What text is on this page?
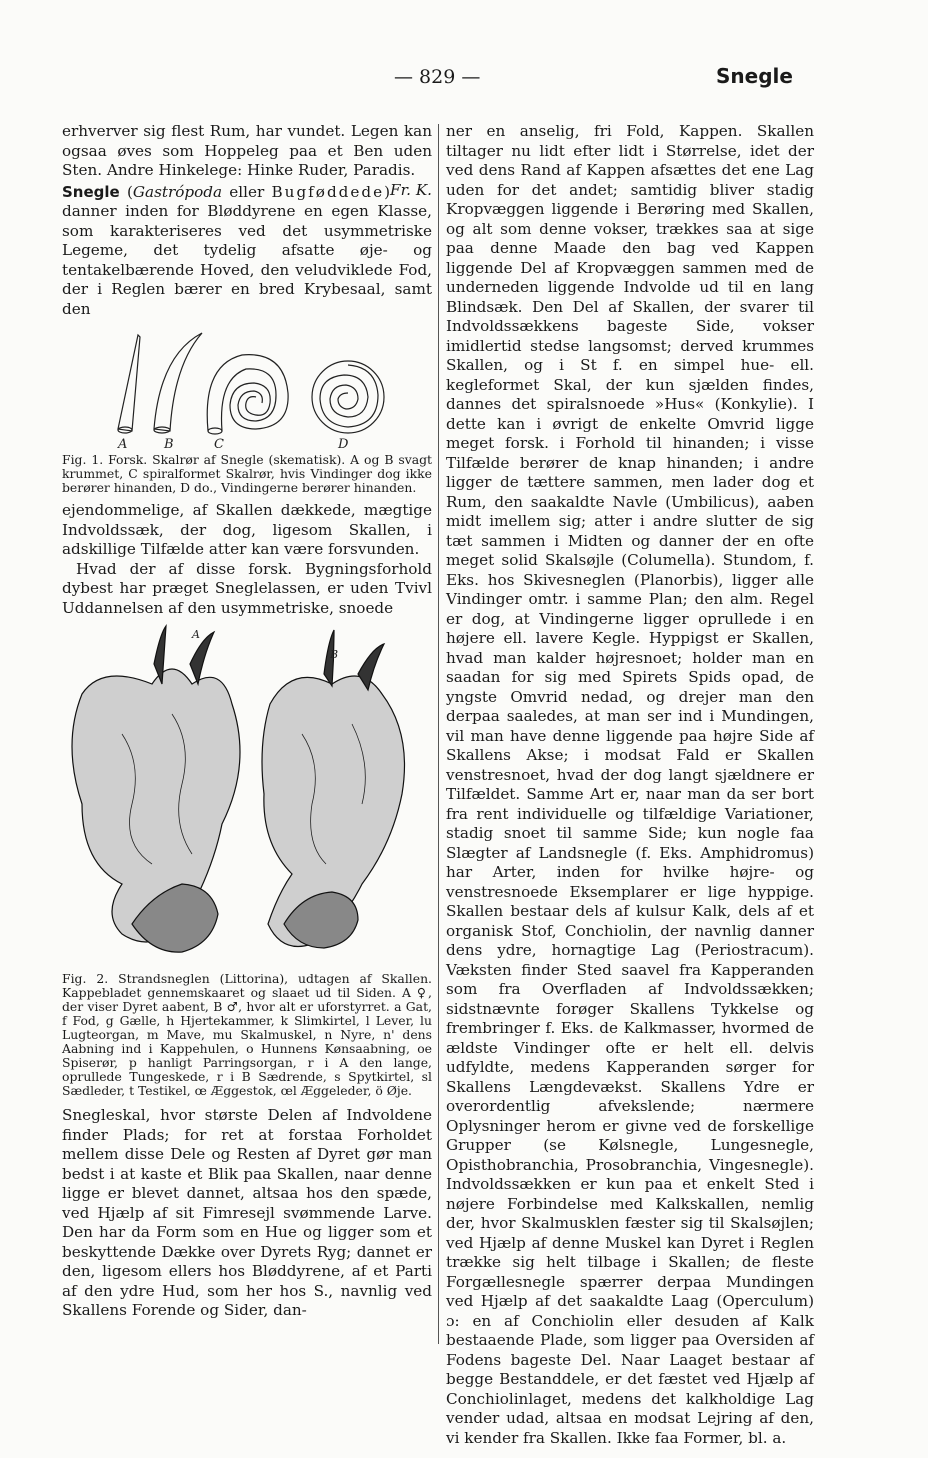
— 829 —	Snegle

erhverver sig flest Rum, har vundet. Legen kan ogsaa øves som Hoppeleg paa et Ben uden Sten. Andre Hinkelege: Hinke Ruder, Paradis.
Fr. K.

Snegle (Gastrópoda eller Bugføddede) danner inden for Bløddyrene en egen Klasse, som karakteriseres ved det usymmetriske Legeme, det tydelig afsatte øje- og tentakelbærende Hoved, den veludviklede Fod, der i Reglen bærer en bred Krybesaal, samt den

A	B	C	D
Fig. 1. Forsk. Skalrør af Snegle (skematisk). A og B svagt krummet, C spiralformet Skalrør, hvis Vindinger dog ikke berører hinanden, D do., Vindingerne berører hinanden.

ejendommelige, af Skallen dækkede, mægtige Indvoldssæk, der dog, ligesom Skallen, i adskillige Tilfælde atter kan være forsvunden.

Hvad der af disse forsk. Bygningsforhold dybest har præget Sneglelassen, er uden Tvivl Uddannelsen af den usymmetriske, snoede

A
B
Fig. 2. Strandsneglen (Littorina), udtagen af Skallen. Kappebladet gennemskaaret og slaaet ud til Siden. A ♀, der viser Dyret aabent, B ♂, hvor alt er uforstyrret. a Gat, f Fod, g Gælle, h Hjertekammer, k Slimkirtel, l Lever, lu Lugteorgan, m Mave, mu Skalmuskel, n Nyre, n' dens Aabning ind i Kappehulen, o Hunnens Kønsaabning, oe Spiserør, p hanligt Parringsorgan, r i A den lange, oprullede Tungeskede, r i B Sædrende, s Spytkirtel, sl Sædleder, t Testikel, œ Æggestok, œl Æggeleder, ö Øje.

Snegleskal, hvor største Delen af Indvoldene finder Plads; for ret at forstaa Forholdet mellem disse Dele og Resten af Dyret gør man bedst i at kaste et Blik paa Skallen, naar denne ligge er blevet dannet, altsaa hos den spæde, ved Hjælp af sit Fimresejl svømmende Larve. Den har da Form som en Hue og ligger som et beskyttende Dække over Dyrets Ryg; dannet er den, ligesom ellers hos Bløddyrene, af et Parti af den ydre Hud, som her hos S., navnlig ved Skallens Forende og Sider, dan-

ner en anselig, fri Fold, Kappen. Skallen tiltager nu lidt efter lidt i Størrelse, idet der ved dens Rand af Kappen afsættes det ene Lag uden for det andet; samtidig bliver stadig Kropvæggen liggende i Berøring med Skallen, og alt som denne vokser, trækkes saa at sige paa denne Maade den bag ved Kappen liggende Del af Kropvæggen sammen med de underneden liggende Indvolde ud til en lang Blindsæk. Den Del af Skallen, der svarer til Indvoldssækkens bageste Side, vokser imidlertid stedse langsomst; derved krummes Skallen, og i St f. en simpel hue- ell. kegleformet Skal, der kun sjælden findes, dannes det spiralsnoede »Hus« (Konkylie). I dette kan i øvrigt de enkelte Omvrid ligge meget forsk. i Forhold til hinanden; i visse Tilfælde berører de knap hinanden; i andre ligger de tættere sammen, men lader dog et Rum, den saakaldte Navle (Umbilicus), aaben midt imellem sig; atter i andre slutter de sig tæt sammen i Midten og danner der en ofte meget solid Skalsøjle (Columella). Stundom, f. Eks. hos Skivesneglen (Planorbis), ligger alle Vindinger omtr. i samme Plan; den alm. Regel er dog, at Vindingerne ligger oprullede i en højere ell. lavere Kegle. Hyppigst er Skallen, hvad man kalder højresnoet; holder man en saadan for sig med Spirets Spids opad, de yngste Omvrid nedad, og drejer man den derpaa saaledes, at man ser ind i Mundingen, vil man have denne liggende paa højre Side af Skallens Akse; i modsat Fald er Skallen venstresnoet, hvad der dog langt sjældnere er Tilfældet. Samme Art er, naar man da ser bort fra rent individuelle og tilfældige Variationer, stadig snoet til samme Side; kun nogle faa Slægter af Landsnegle (f. Eks. Amphidromus) har Arter, inden for hvilke højre- og venstresnoede Eksemplarer er lige hyppige. Skallen bestaar dels af kulsur Kalk, dels af et organisk Stof, Conchiolin, der navnlig danner dens ydre, hornagtige Lag (Periostracum). Væksten finder Sted saavel fra Kapperanden som fra Overfladen af Indvoldssækken; sidstnævnte forøger Skallens Tykkelse og frembringer f. Eks. de Kalkmasser, hvormed de ældste Vindinger ofte er helt ell. delvis udfyldte, medens Kapperanden sørger for Skallens Længdevækst. Skallens Ydre er overordentlig afvekslende; nærmere Oplysninger herom er givne ved de forskellige Grupper (se Kølsnegle, Lungesnegle, Opisthobranchia, Prosobranchia, Vingesnegle). Indvoldssækken er kun paa et enkelt Sted i nøjere Forbindelse med Kalkskallen, nemlig der, hvor Skalmusklen fæster sig til Skalsøjlen; ved Hjælp af denne Muskel kan Dyret i Reglen trække sig helt tilbage i Skallen; de fleste Forgællesnegle spærrer derpaa Mundingen ved Hjælp af det saakaldte Laag (Operculum) ɔ: en af Conchiolin eller desuden af Kalk bestaaende Plade, som ligger paa Oversiden af Fodens bageste Del. Naar Laaget bestaar af begge Bestanddele, er det fæstet ved Hjælp af Conchiolinlaget, medens det kalkholdige Lag vender udad, altsaa en modsat Lejring af den, vi kender fra Skallen. Ikke faa Former, bl. a.
